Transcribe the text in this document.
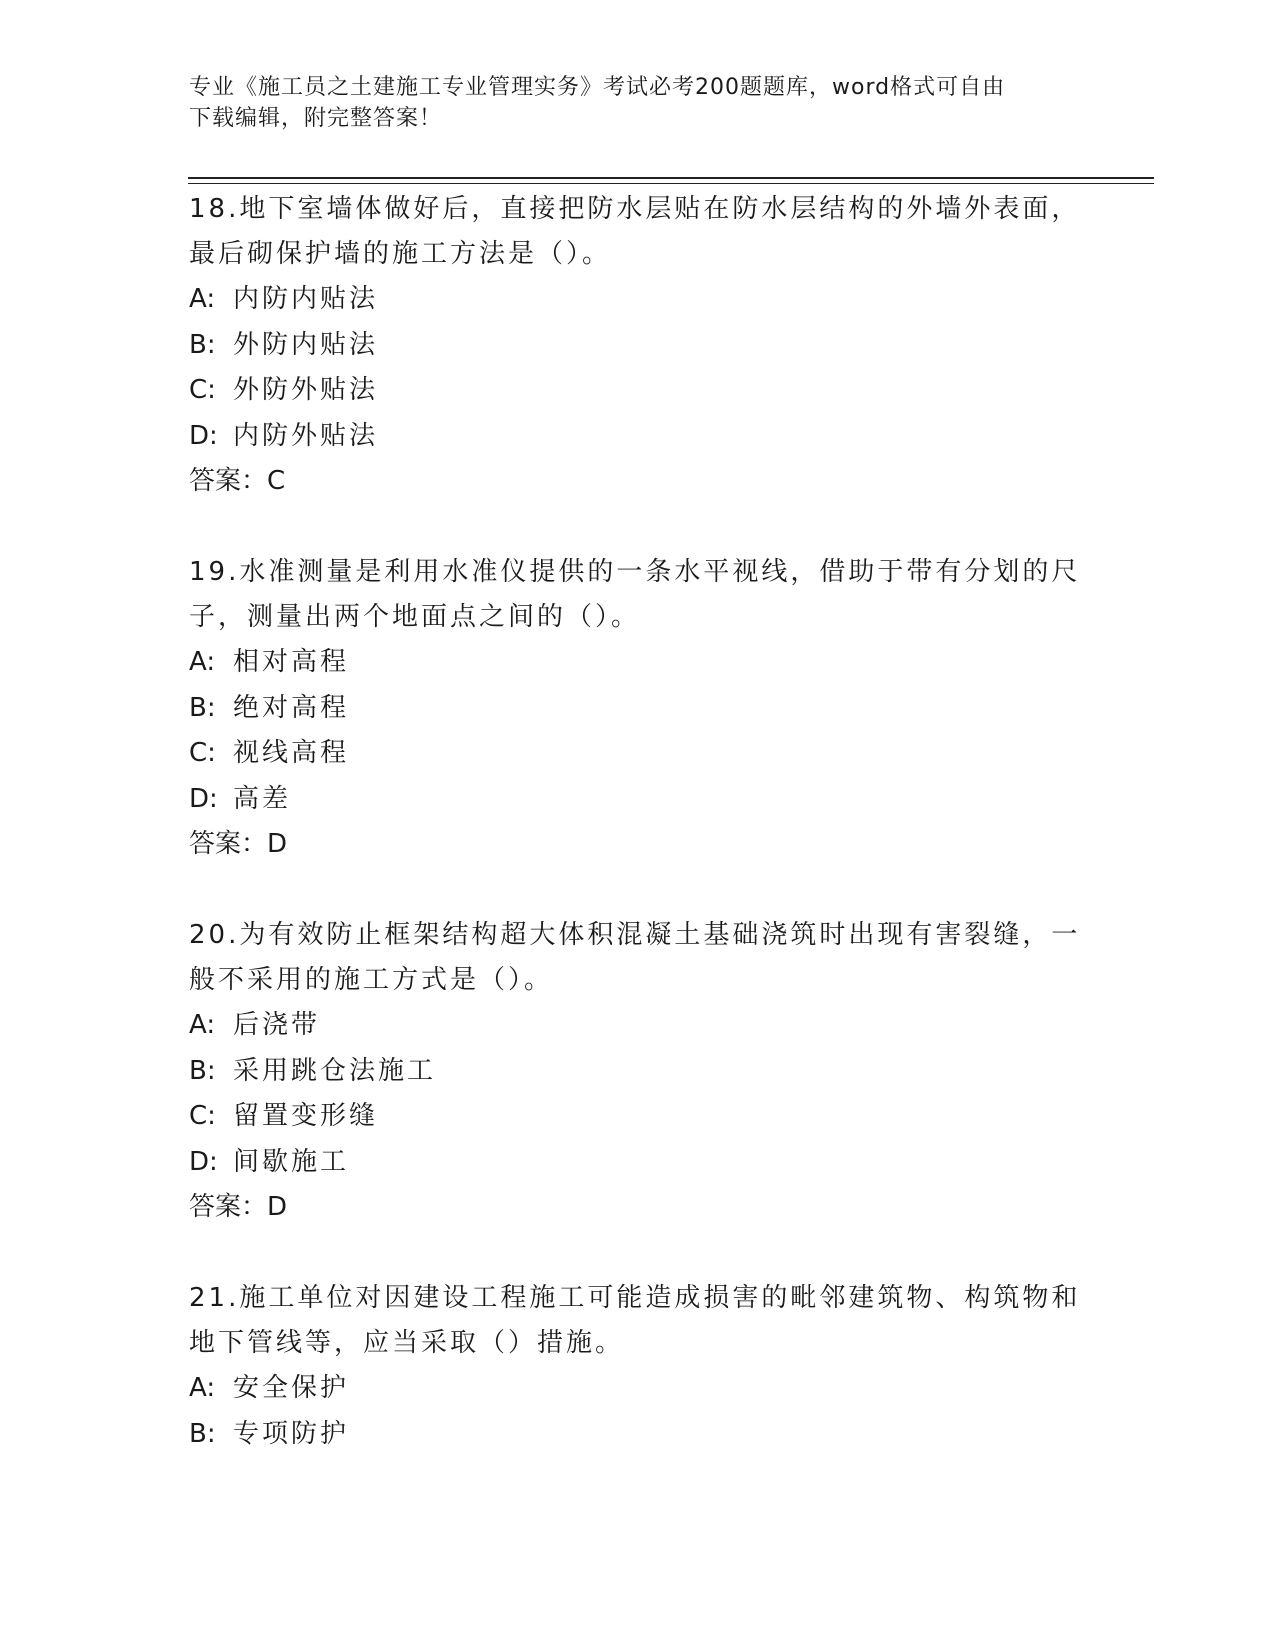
专业《施工员之土建施工专业管理实务》考试必考200题题库，word格式可自由
下载编辑，附完整答案！

18.地下室墙体做好后，直接把防水层贴在防水层结构的外墙外表面，

最后砌保护墙的施工方法是（）。

A: 内防内贴法

B: 外防内贴法

C: 外防外贴法

D: 内防外贴法

答案：C

19.水准测量是利用水准仪提供的一条水平视线，借助于带有分划的尺

子，测量出两个地面点之间的（）。

A: 相对高程

B: 绝对高程

C: 视线高程

D: 高差

答案：D

20.为有效防止框架结构超大体积混凝土基础浇筑时出现有害裂缝，一

般不采用的施工方式是（）。

A: 后浇带

B: 采用跳仓法施工

C: 留置变形缝

D: 间歇施工

答案：D

21.施工单位对因建设工程施工可能造成损害的毗邻建筑物、构筑物和

地下管线等，应当采取（）措施。

A: 安全保护

B: 专项防护
